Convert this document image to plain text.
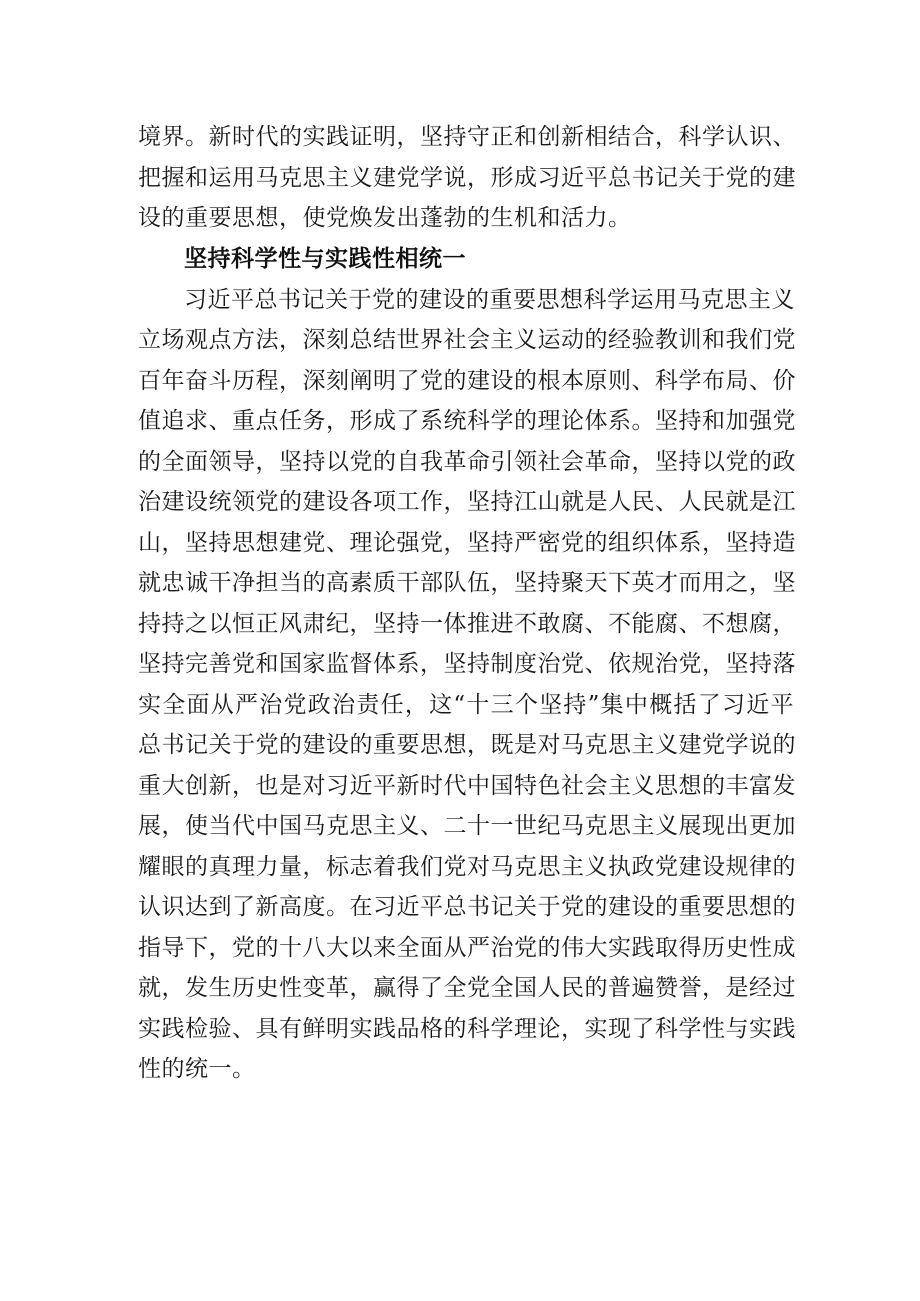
境界。新时代的实践证明，坚持守正和创新相结合，科学认识、
把握和运用马克思主义建党学说，形成习近平总书记关于党的建
设的重要思想，使党焕发出蓬勃的生机和活力。
坚持科学性与实践性相统一
习近平总书记关于党的建设的重要思想科学运用马克思主义
立场观点方法，深刻总结世界社会主义运动的经验教训和我们党
百年奋斗历程，深刻阐明了党的建设的根本原则、科学布局、价
值追求、重点任务，形成了系统科学的理论体系。坚持和加强党
的全面领导，坚持以党的自我革命引领社会革命，坚持以党的政
治建设统领党的建设各项工作，坚持江山就是人民、人民就是江
山，坚持思想建党、理论强党，坚持严密党的组织体系，坚持造
就忠诚干净担当的高素质干部队伍，坚持聚天下英才而用之，坚
持持之以恒正风肃纪，坚持一体推进不敢腐、不能腐、不想腐，
坚持完善党和国家监督体系，坚持制度治党、依规治党，坚持落
实全面从严治党政治责任，这“十三个坚持”集中概括了习近平
总书记关于党的建设的重要思想，既是对马克思主义建党学说的
重大创新，也是对习近平新时代中国特色社会主义思想的丰富发
展，使当代中国马克思主义、二十一世纪马克思主义展现出更加
耀眼的真理力量，标志着我们党对马克思主义执政党建设规律的
认识达到了新高度。在习近平总书记关于党的建设的重要思想的
指导下，党的十八大以来全面从严治党的伟大实践取得历史性成
就，发生历史性变革，赢得了全党全国人民的普遍赞誉，是经过
实践检验、具有鲜明实践品格的科学理论，实现了科学性与实践
性的统一。
